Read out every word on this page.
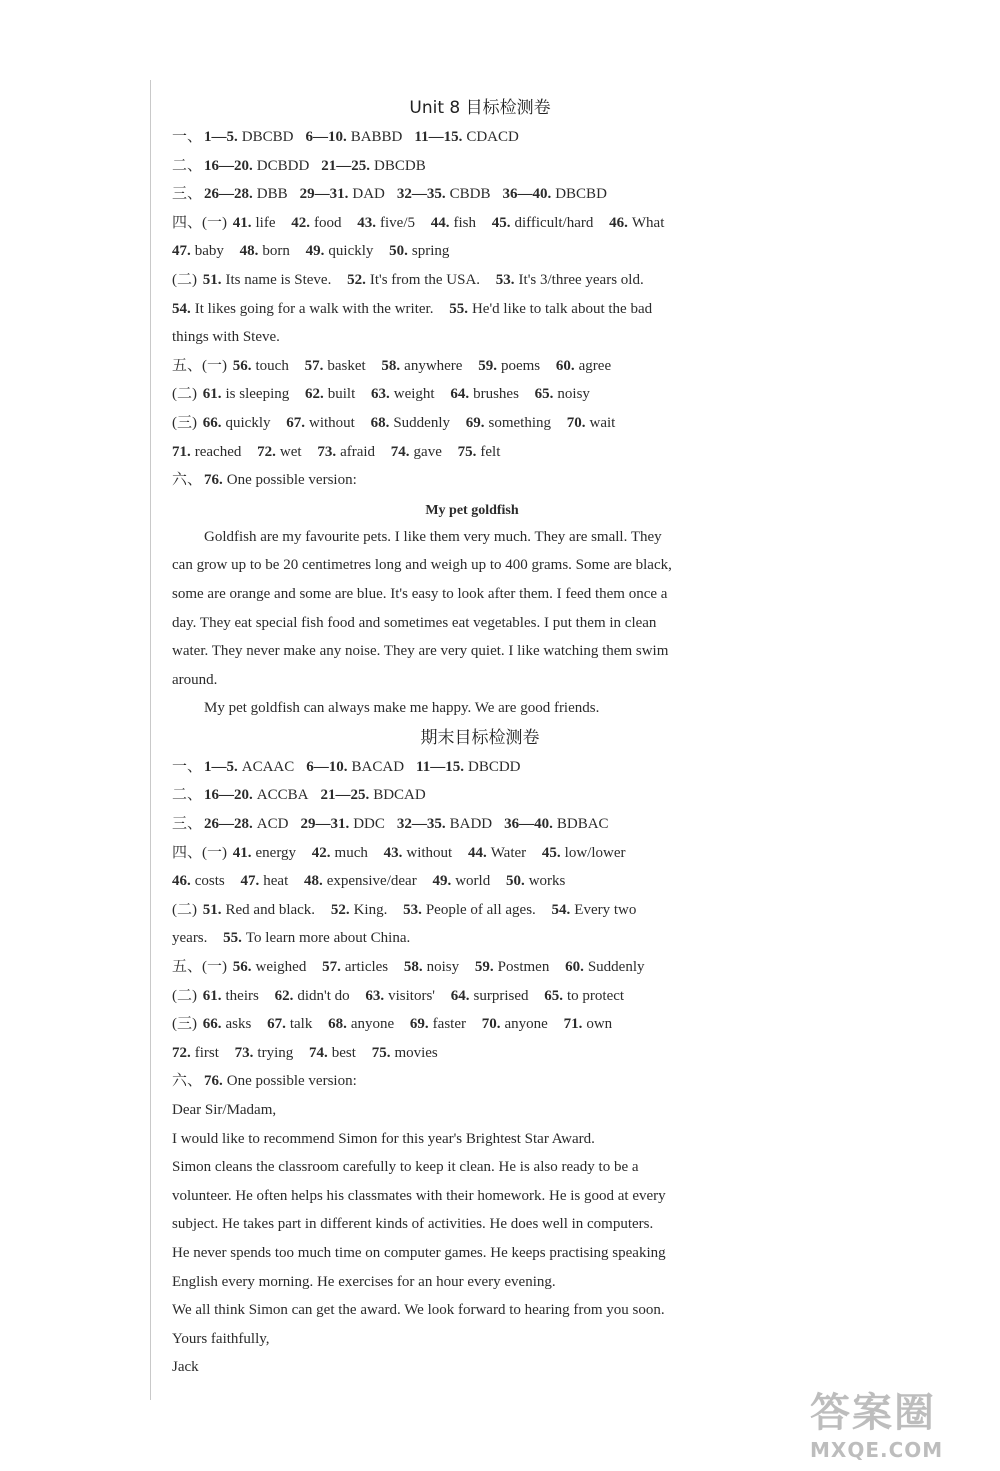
Unit 8 目标检测卷
一、 1—5. DBCBD 6—10. BABBD 11—15. CDACD
二、 16—20. DCBDD 21—25. DBCDB
三、 26—28. DBB 29—31. DAD 32—35. CBDB 36—40. DBCBD
四、(一) 41. life 42. food 43. five/5 44. fish 45. difficult/hard 46. What
47. baby 48. born 49. quickly 50. spring
(二) 51. Its name is Steve. 52. It's from the USA. 53. It's 3/three years old.
54. It likes going for a walk with the writer. 55. He'd like to talk about the bad
things with Steve.
五、(一) 56. touch 57. basket 58. anywhere 59. poems 60. agree
(二) 61. is sleeping 62. built 63. weight 64. brushes 65. noisy
(三) 66. quickly 67. without 68. Suddenly 69. something 70. wait
71. reached 72. wet 73. afraid 74. gave 75. felt
六、 76. One possible version:
My pet goldfish
Goldfish are my favourite pets. I like them very much. They are small. They
can grow up to be 20 centimetres long and weigh up to 400 grams. Some are black,
some are orange and some are blue. It's easy to look after them. I feed them once a
day. They eat special fish food and sometimes eat vegetables. I put them in clean
water. They never make any noise. They are very quiet. I like watching them swim
around.
My pet goldfish can always make me happy. We are good friends.
期末目标检测卷
一、 1—5. ACAAC 6—10. BACAD 11—15. DBCDD
二、 16—20. ACCBA 21—25. BDCAD
三、 26—28. ACD 29—31. DDC 32—35. BADD 36—40. BDBAC
四、(一) 41. energy 42. much 43. without 44. Water 45. low/lower
46. costs 47. heat 48. expensive/dear 49. world 50. works
(二) 51. Red and black. 52. King. 53. People of all ages. 54. Every two
years. 55. To learn more about China.
五、(一) 56. weighed 57. articles 58. noisy 59. Postmen 60. Suddenly
(二) 61. theirs 62. didn't do 63. visitors' 64. surprised 65. to protect
(三) 66. asks 67. talk 68. anyone 69. faster 70. anyone 71. own
72. first 73. trying 74. best 75. movies
六、 76. One possible version:
Dear Sir/Madam,
I would like to recommend Simon for this year's Brightest Star Award.
Simon cleans the classroom carefully to keep it clean. He is also ready to be a
volunteer. He often helps his classmates with their homework. He is good at every
subject. He takes part in different kinds of activities. He does well in computers.
He never spends too much time on computer games. He keeps practising speaking
English every morning. He exercises for an hour every evening.
We all think Simon can get the award. We look forward to hearing from you soon.
Yours faithfully,
Jack
答案圈
MXQE.COM
